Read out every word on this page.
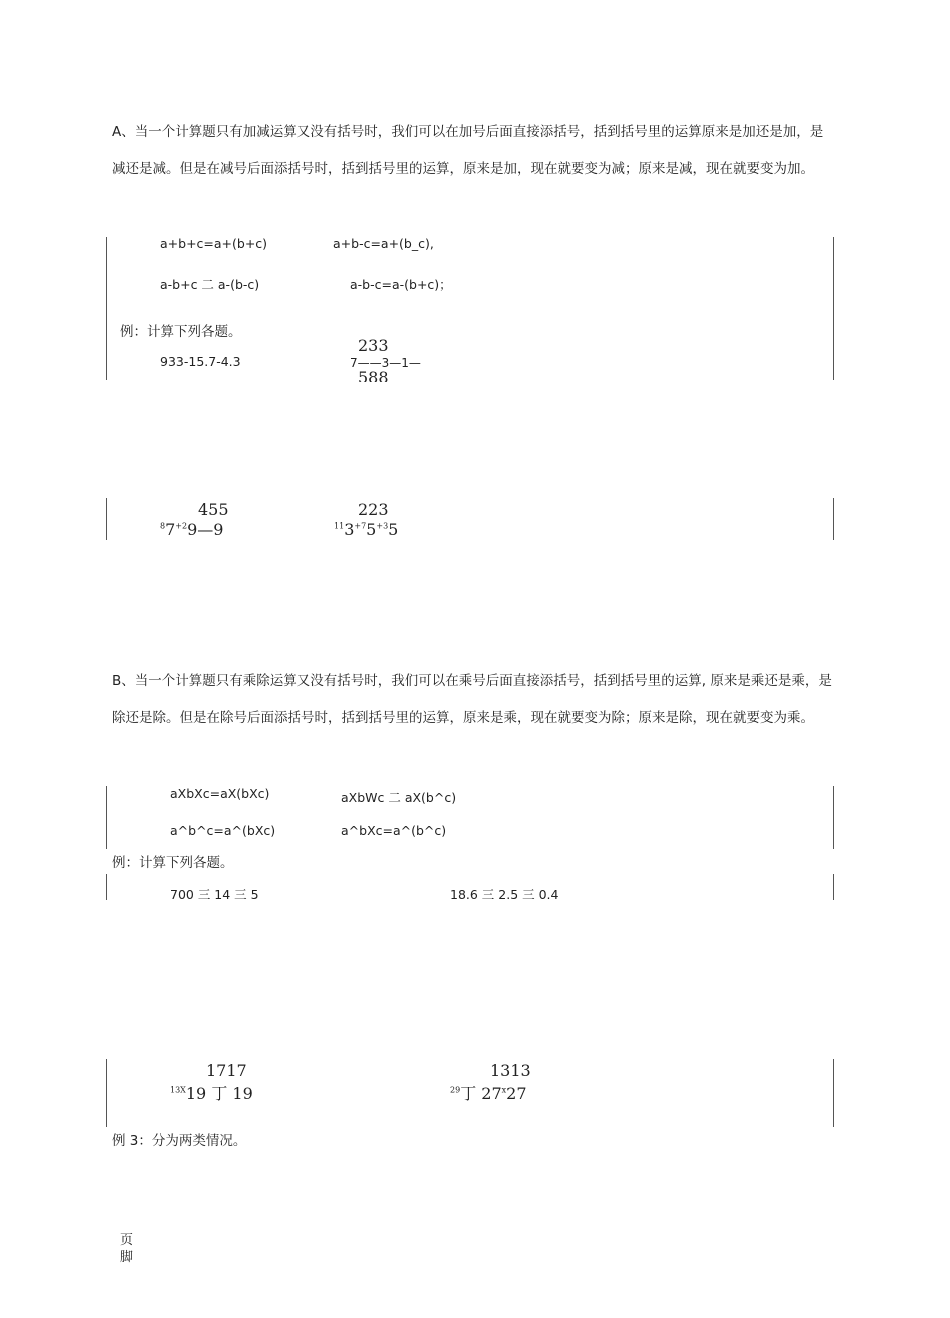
A、当一个计算题只有加减运算又没有括号时，我们可以在加号后面直接添括号，括到括号里的运算原来是加还是加，是减还是减。但是在减号后面添括号时，括到括号里的运算，原来是加，现在就要变为减；原来是减，现在就要变为加。
a+b+c=a+(b+c)	a+b-c=a+(b_c),
a-b+c 二 a-(b-c)	a-b-c=a-(b+c)；
例：计算下列各题。
933-15.7-4.3
233
7——3—1—
588
455
$^87^{+2}9—9$
223
$^{11}3^{+7}5^{+3}5$
B、当一个计算题只有乘除运算又没有括号时，我们可以在乘号后面直接添括号，括到括号里的运算, 原来是乘还是乘，是除还是除。但是在除号后面添括号时，括到括号里的运算，原来是乘，现在就要变为除；原来是除，现在就要变为乘。
aXbXc=aX(bXc)	aXbWc 二 aX(b^c)
a^b^c=a^(bXc)	a^bXc=a^(b^c)
例：计算下列各题。
700 三 14 三 5	18.6 三 2.5 三 0.4
1717
$^{13X}$19 丁 19
1313
$^{29}$丁 27$^x$27
例 3：分为两类情况。
页脚
